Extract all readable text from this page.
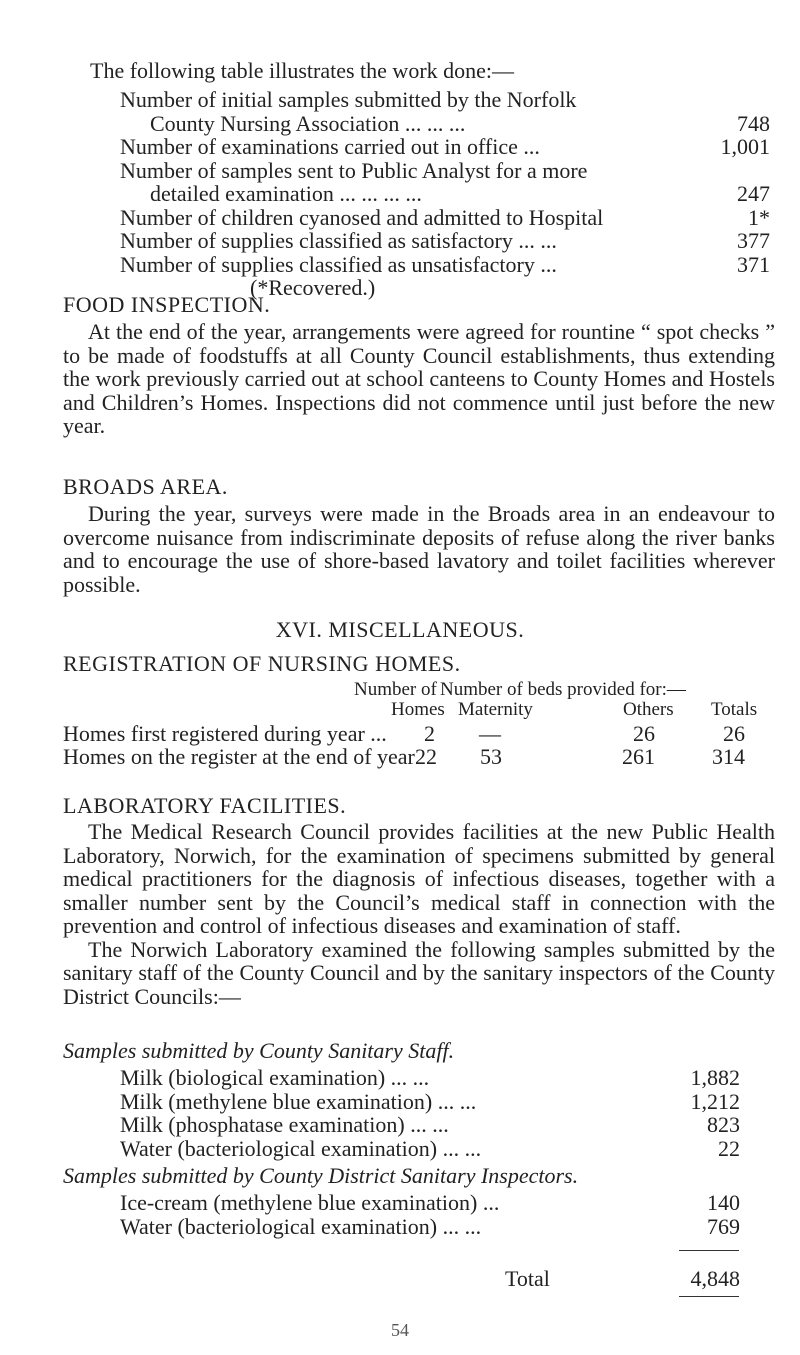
The following table illustrates the work done:—
Number of initial samples submitted by the Norfolk
County Nursing Association ... ... ...	748
Number of examinations carried out in office ...	1,001
Number of samples sent to Public Analyst for a more
detailed examination ... ... ... ...	247
Number of children cyanosed and admitted to Hospital	1*
Number of supplies classified as satisfactory ... ...	377
Number of supplies classified as unsatisfactory ...	371
(*Recovered.)
FOOD INSPECTION.

At the end of the year, arrangements were agreed for rountine “ spot checks ” to be made of foodstuffs at all County Council establishments, thus extending the work previously carried out at school canteens to County Homes and Hostels and Children’s Homes. Inspections did not commence until just before the new year.

BROADS AREA.

During the year, surveys were made in the Broads area in an endeavour to overcome nuisance from indiscriminate deposits of refuse along the river banks and to encourage the use of shore-based lavatory and toilet facilities wherever possible.

XVI. MISCELLANEOUS.
REGISTRATION OF NURSING HOMES.
Number of Number of beds provided for:—
Homes Maternity	Others Totals
Homes first registered during year ...	2	—	26	26
Homes on the register at the end of year 22	53	261	314
LABORATORY FACILITIES.

The Medical Research Council provides facilities at the new Public Health Laboratory, Norwich, for the examination of specimens submitted by general medical practitioners for the diagnosis of infectious diseases, together with a smaller number sent by the Council’s medical staff in connection with the prevention and control of infectious diseases and examination of staff.

The Norwich Laboratory examined the following samples submitted by the sanitary staff of the County Council and by the sanitary inspectors of the County District Councils:—

Samples submitted by County Sanitary Staff.
Milk (biological examination) ... ...	1,882
Milk (methylene blue examination) ... ...	1,212
Milk (phosphatase examination) ... ...	823
Water (bacteriological examination) ... ...	22
Samples submitted by County District Sanitary Inspectors.
Ice-cream (methylene blue examination) ...	140
Water (bacteriological examination) ... ...	769
Total	4,848
54
